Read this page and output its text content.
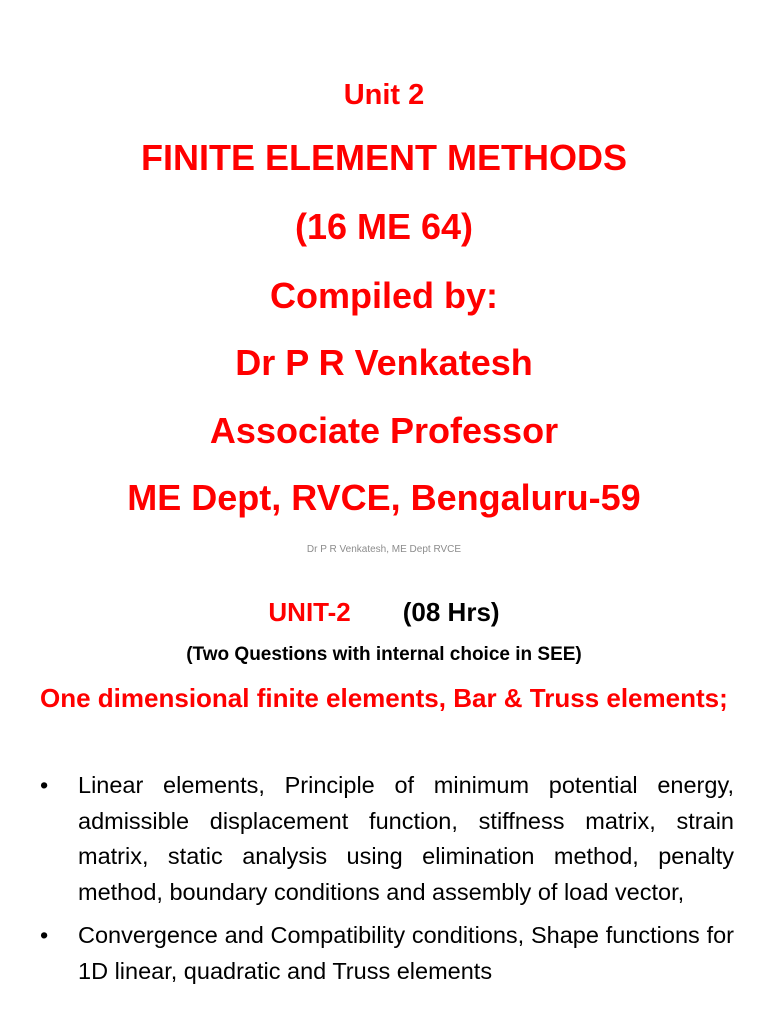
Unit 2
FINITE ELEMENT METHODS
(16 ME 64)
Compiled by:
Dr P R Venkatesh
Associate Professor
ME Dept, RVCE, Bengaluru-59
Dr P R Venkatesh, ME Dept RVCE
UNIT-2 (08 Hrs)
(Two Questions with internal choice in SEE)
One dimensional finite elements, Bar & Truss elements;
• Linear elements, Principle of minimum potential energy, admissible displacement function, stiffness matrix, strain matrix, static analysis using elimination method, penalty method, boundary conditions and assembly of load vector,
• Convergence and Compatibility conditions, Shape functions for 1D linear, quadratic and Truss elements
